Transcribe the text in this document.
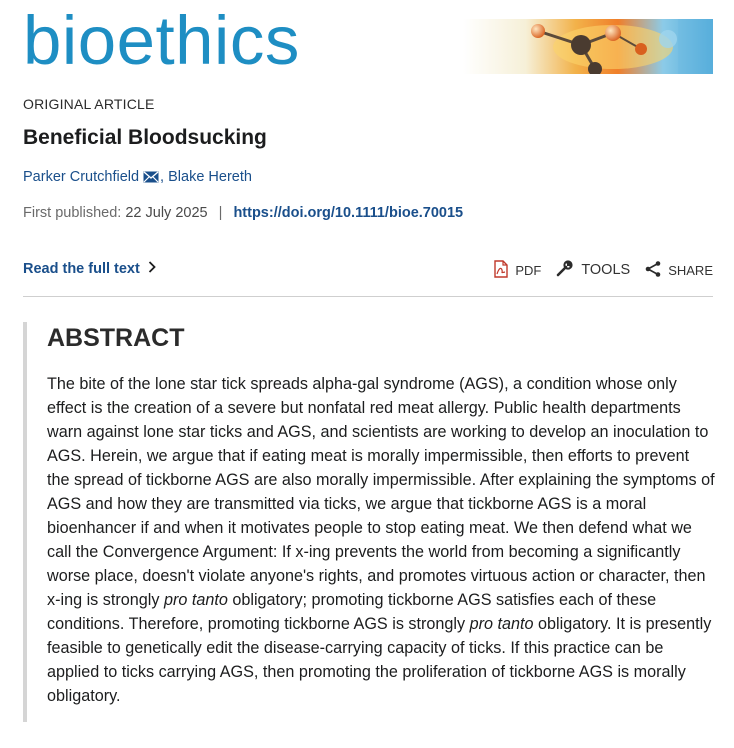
bioethics
ORIGINAL ARTICLE
Beneficial Bloodsucking
Parker Crutchfield , Blake Hereth
First published: 22 July 2025 | https://doi.org/10.1111/bioe.70015
Read the full text	PDF	TOOLS	SHARE
ABSTRACT

The bite of the lone star tick spreads alpha-gal syndrome (AGS), a condition whose only effect is the creation of a severe but nonfatal red meat allergy. Public health departments warn against lone star ticks and AGS, and scientists are working to develop an inoculation to AGS. Herein, we argue that if eating meat is morally impermissible, then efforts to prevent the spread of tickborne AGS are also morally impermissible. After explaining the symptoms of AGS and how they are transmitted via ticks, we argue that tickborne AGS is a moral bioenhancer if and when it motivates people to stop eating meat. We then defend what we call the Convergence Argument: If x-ing prevents the world from becoming a significantly worse place, doesn't violate anyone's rights, and promotes virtuous action or character, then x-ing is strongly pro tanto obligatory; promoting tickborne AGS satisfies each of these conditions. Therefore, promoting tickborne AGS is strongly pro tanto obligatory. It is presently feasible to genetically edit the disease-carrying capacity of ticks. If this practice can be applied to ticks carrying AGS, then promoting the proliferation of tickborne AGS is morally obligatory.
